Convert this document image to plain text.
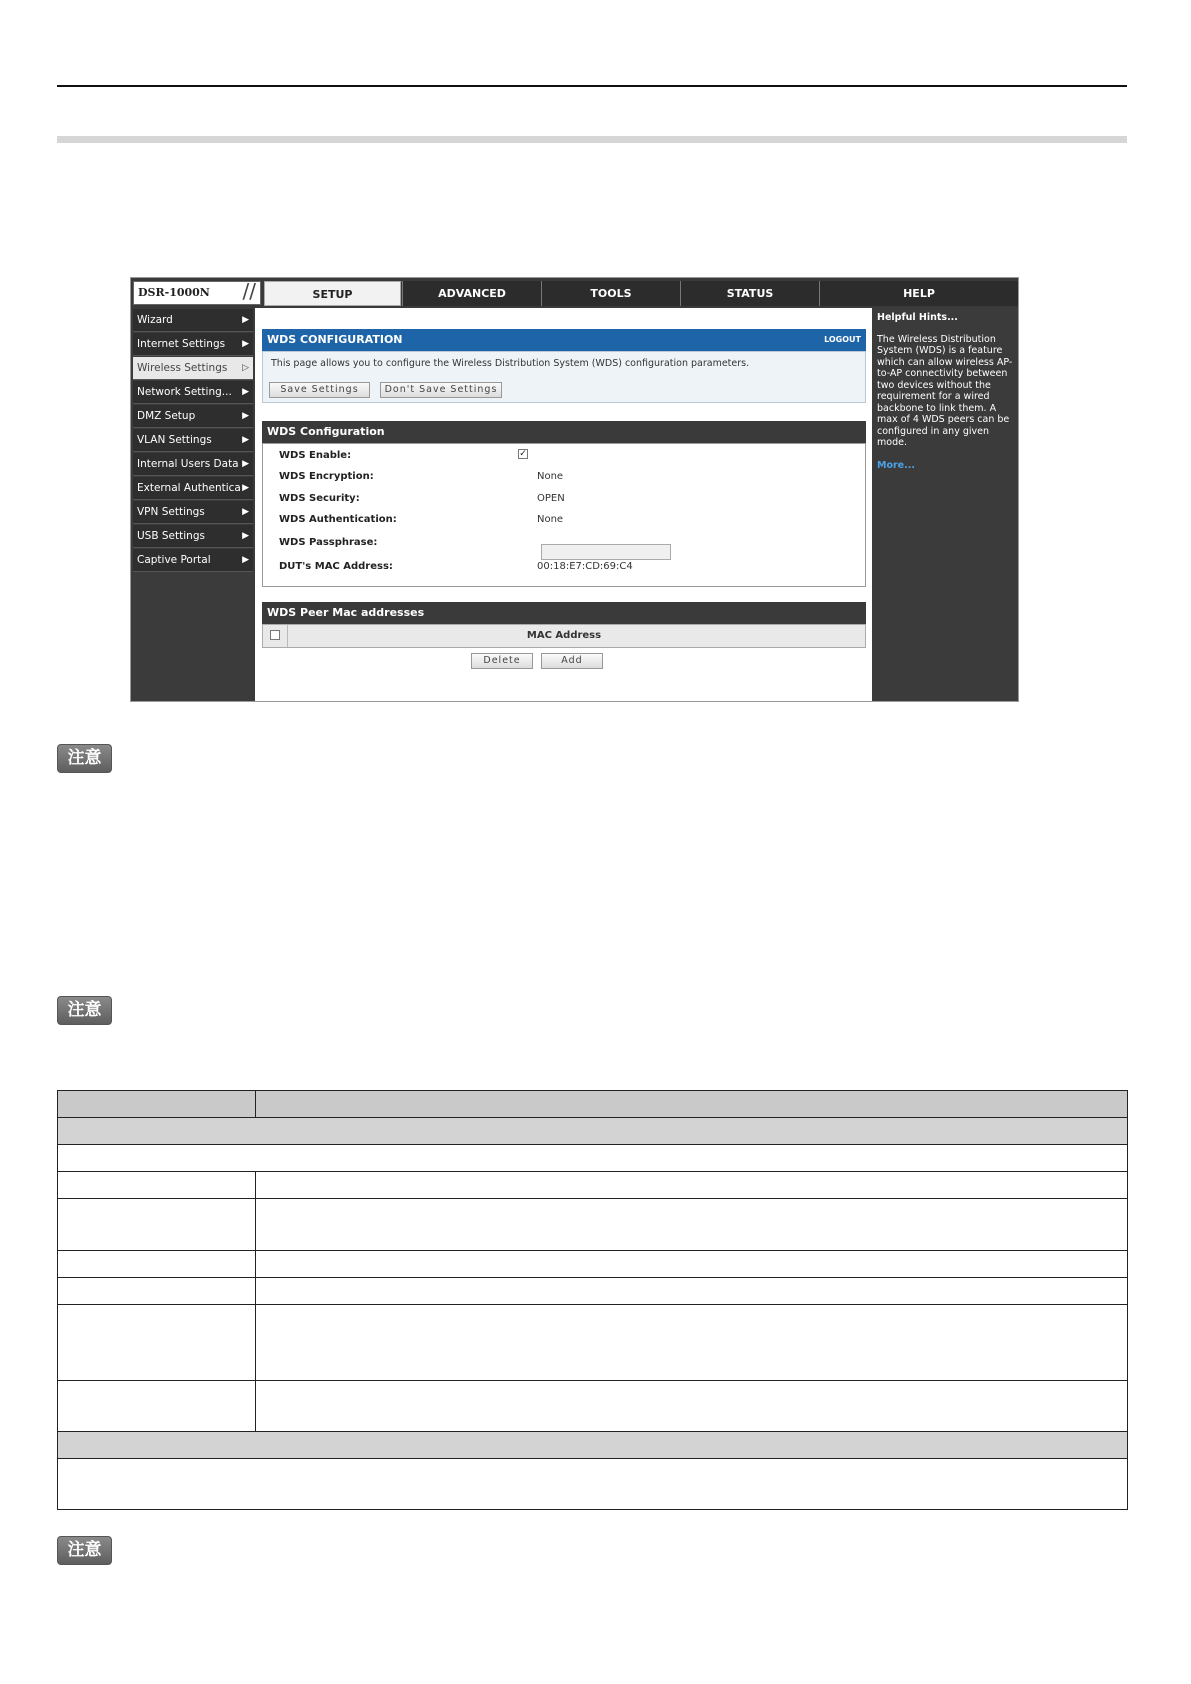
DSR-1000N //	SETUP	ADVANCED	TOOLS	STATUS	HELP
Wizard	▶
Internet Settings ▶
Wireless Settings ▷
Network Setting... ▶
DMZ Setup	▶
VLAN Settings	▶
Internal Users Data ▶
External Authentica ▶
VPN Settings	▶
USB Settings	▶
Captive Portal	▶
WDS CONFIGURATION	LOGOUT
This page allows you to configure the Wireless Distribution System (WDS) configuration parameters.
Save Settings	Don't Save Settings
WDS Configuration
WDS Enable:	✓
WDS Encryption:	None
WDS Security:	OPEN
WDS Authentication:	None
WDS Passphrase:
DUT's MAC Address:	00:18:E7:CD:69:C4
WDS Peer Mac addresses
MAC Address
Delete	Add
Helpful Hints...
The Wireless Distribution System (WDS) is a feature which can allow wireless AP-to-AP connectivity between two devices without the requirement for a wired backbone to link them. A max of 4 WDS peers can be configured in any given mode.
More...
注意
注意
注意
